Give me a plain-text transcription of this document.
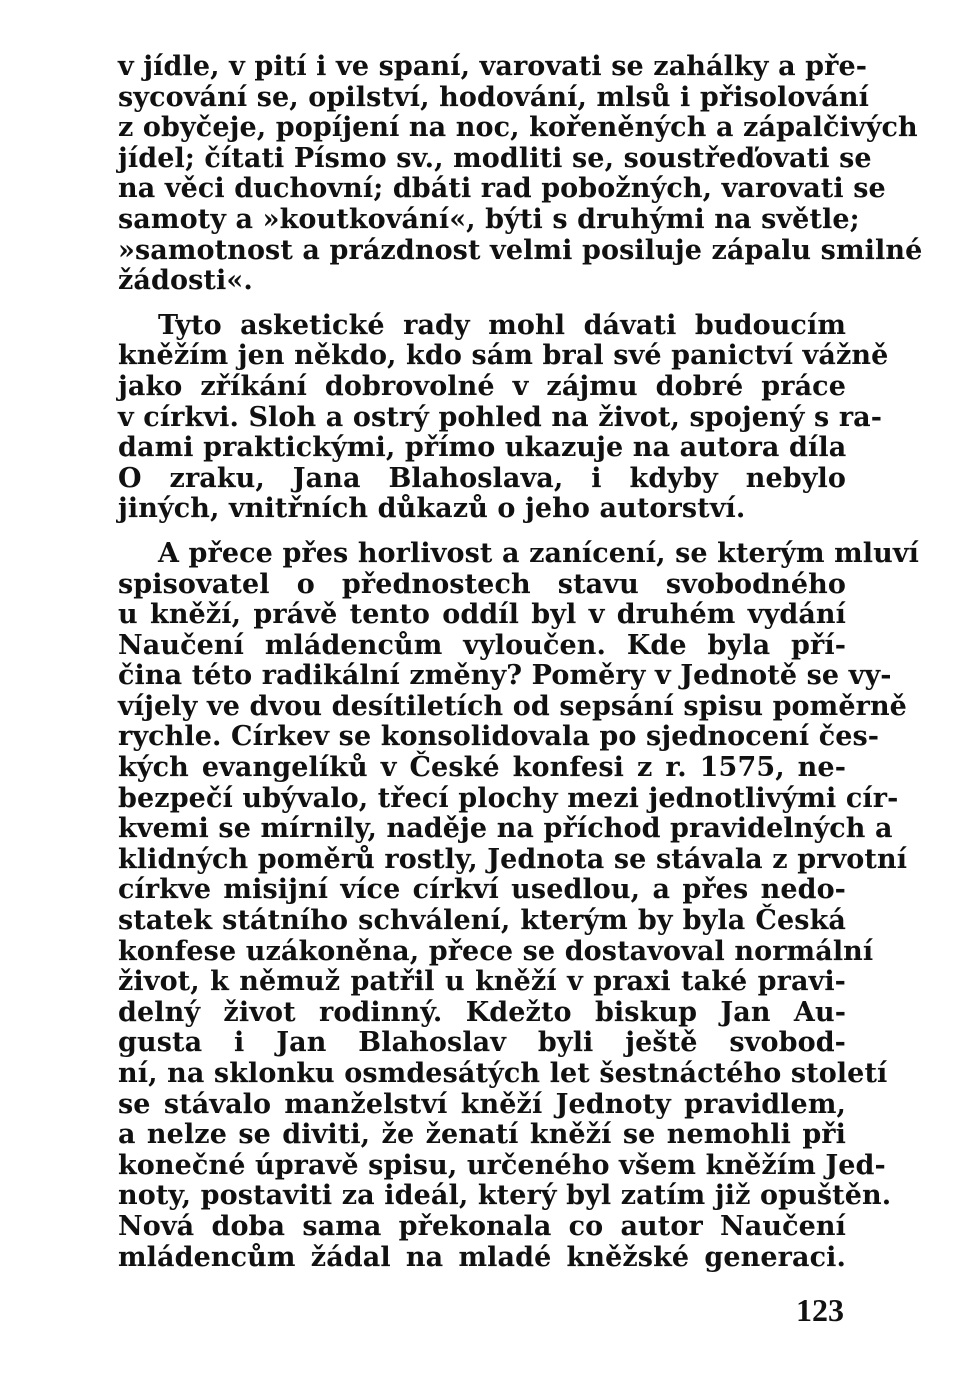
v jídle, v pití i ve spaní, varovati se zahálky a pře-
sycování se, opilství, hodování, mlsů i přisolování
z obyčeje, popíjení na noc, kořeněných a zápalčivých
jídel; čítati Písmo sv., modliti se, soustřeďovati se
na věci duchovní; dbáti rad pobožných, varovati se
samoty a »koutkování«, býti s druhými na světle;
»samotnost a prázdnost velmi posiluje zápalu smilné
žádosti«.
Tyto asketické rady mohl dávati budoucím
kněžím jen někdo, kdo sám bral své panictví vážně
jako zříkání dobrovolné v zájmu dobré práce
v církvi. Sloh a ostrý pohled na život, spojený s ra-
dami praktickými, přímo ukazuje na autora díla
O zraku, Jana Blahoslava, i kdyby nebylo
jiných, vnitřních důkazů o jeho autorství.
A přece přes horlivost a zanícení, se kterým mluví
spisovatel o přednostech stavu svobodného
u kněží, právě tento oddíl byl v druhém vydání
Naučení mládencům vyloučen. Kde byla pří-
čina této radikální změny? Poměry v Jednotě se vy-
víjely ve dvou desítiletích od sepsání spisu poměrně
rychle. Církev se konsolidovala po sjednocení čes-
kých evangelíků v České konfesi z r. 1575, ne-
bezpečí ubývalo, třecí plochy mezi jednotlivými cír-
kvemi se mírnily, naděje na příchod pravidelných a
klidných poměrů rostly, Jednota se stávala z prvotní
církve misijní více církví usedlou, a přes nedo-
statek státního schválení, kterým by byla Česká
konfese uzákoněna, přece se dostavoval normální
život, k němuž patřil u kněží v praxi také pravi-
delný život rodinný. Kdežto biskup Jan Au-
gusta i Jan Blahoslav byli ještě svobod-
ní, na sklonku osmdesátých let šestnáctého století
se stávalo manželství kněží Jednoty pravidlem,
a nelze se diviti, že ženatí kněží se nemohli při
konečné úpravě spisu, určeného všem kněžím Jed-
noty, postaviti za ideál, který byl zatím již opuštěn.
Nová doba sama překonala co autor Naučení
mládencům žádal na mladé kněžské generaci.
123
